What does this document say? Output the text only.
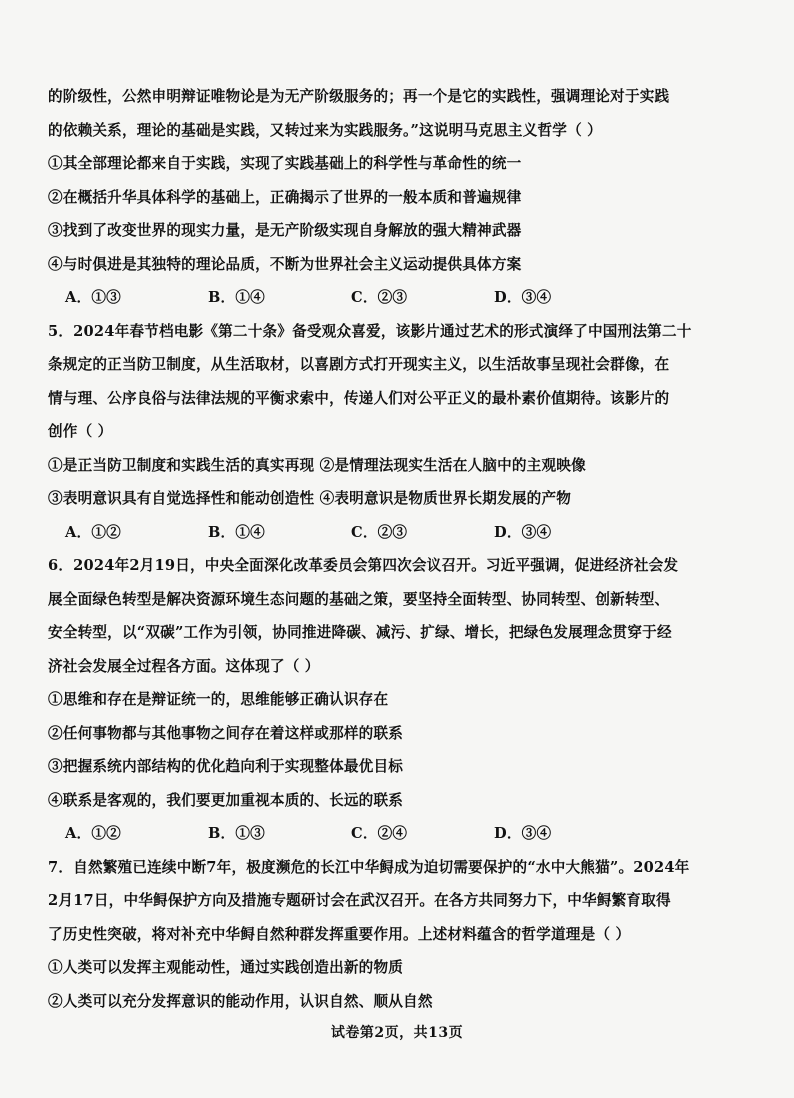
的阶级性，公然申明辩证唯物论是为无产阶级服务的；再一个是它的实践性，强调理论对于实践
的依赖关系，理论的基础是实践，又转过来为实践服务。”这说明马克思主义哲学（ ）
①其全部理论都来自于实践，实现了实践基础上的科学性与革命性的统一
②在概括升华具体科学的基础上，正确揭示了世界的一般本质和普遍规律
③找到了改变世界的现实力量，是无产阶级实现自身解放的强大精神武器
④与时俱进是其独特的理论品质，不断为世界社会主义运动提供具体方案
A．①③	B．①④	C．②③	D．③④
5．2024年春节档电影《第二十条》备受观众喜爱，该影片通过艺术的形式演绎了中国刑法第二十
条规定的正当防卫制度，从生活取材，以喜剧方式打开现实主义，以生活故事呈现社会群像，在
情与理、公序良俗与法律法规的平衡求索中，传递人们对公平正义的最朴素价值期待。该影片的
创作（ ）
①是正当防卫制度和实践生活的真实再现 ②是情理法现实生活在人脑中的主观映像
③表明意识具有自觉选择性和能动创造性 ④表明意识是物质世界长期发展的产物
A．①②	B．①④	C．②③	D．③④
6．2024年2月19日，中央全面深化改革委员会第四次会议召开。习近平强调，促进经济社会发
展全面绿色转型是解决资源环境生态问题的基础之策，要坚持全面转型、协同转型、创新转型、
安全转型，以“双碳”工作为引领，协同推进降碳、减污、扩绿、增长，把绿色发展理念贯穿于经
济社会发展全过程各方面。这体现了（ ）
①思维和存在是辩证统一的，思维能够正确认识存在
②任何事物都与其他事物之间存在着这样或那样的联系
③把握系统内部结构的优化趋向利于实现整体最优目标
④联系是客观的，我们要更加重视本质的、长远的联系
A．①②	B．①③	C．②④	D．③④
7．自然繁殖已连续中断7年，极度濒危的长江中华鲟成为迫切需要保护的“水中大熊猫”。2024年
2月17日，中华鲟保护方向及措施专题研讨会在武汉召开。在各方共同努力下，中华鲟繁育取得
了历史性突破，将对补充中华鲟自然种群发挥重要作用。上述材料蕴含的哲学道理是（ ）
①人类可以发挥主观能动性，通过实践创造出新的物质
②人类可以充分发挥意识的能动作用，认识自然、顺从自然
试卷第2页，共13页
